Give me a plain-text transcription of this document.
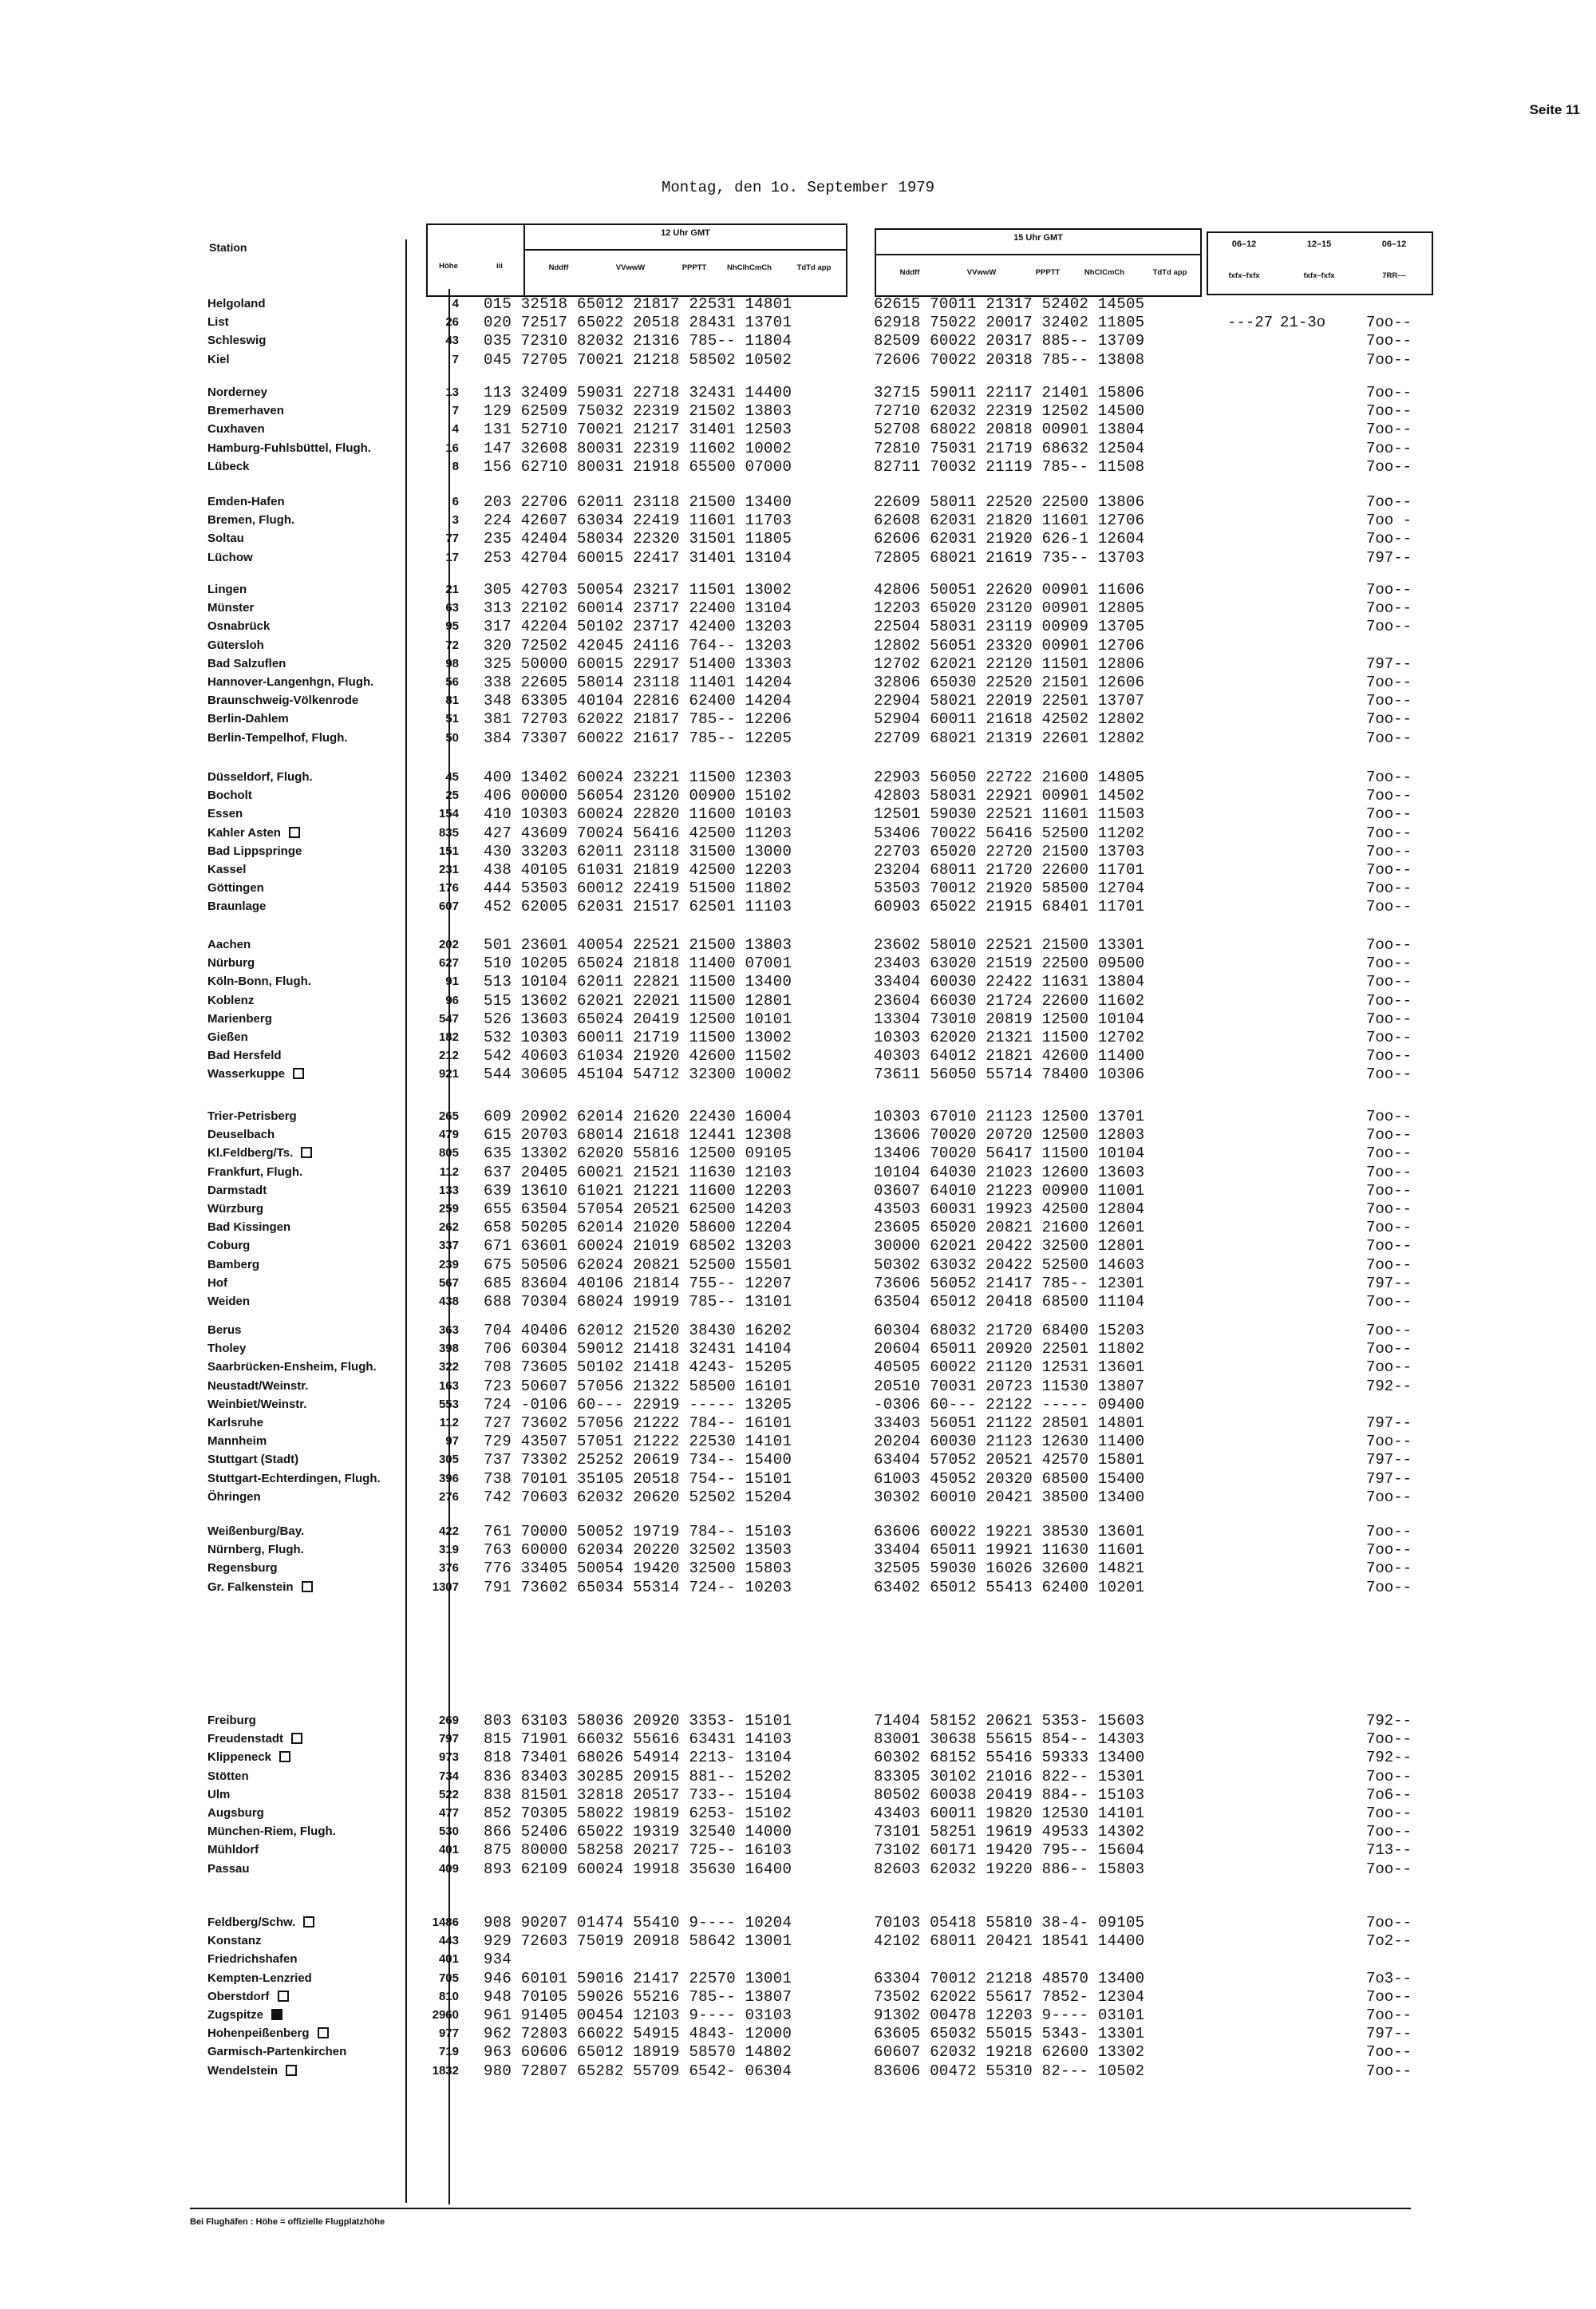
Seite 11
Montag, den 1o. September 1979
Station
Höhe	iii
12 Uhr GMT
Nddff	VVwwW	PPPTT	NhClhCmCh	TdTd app
15 Uhr GMT
Nddff	VVwwW	PPPTT	NhClCmCh	TdTd app
06–12	12–15	06–12
fxfx–fxfx	fxfx–fxfx	7RR––
Helgoland	4 015 32518 65012 21817 22531 14801	62615 70011 21317 52402 14505
List	26 020 72517 65022 20518 28431 13701	62918 75022 20017 32402 11805	---27 21-3o	7oo--
Schleswig	43 035 72310 82032 21316 785-- 11804	82509 60022 20317 885-- 13709	7oo--
Kiel	7 045 72705 70021 21218 58502 10502	72606 70022 20318 785-- 13808	7oo--
Norderney	13 113 32409 59031 22718 32431 14400	32715 59011 22117 21401 15806	7oo--
Bremerhaven	7 129 62509 75032 22319 21502 13803	72710 62032 22319 12502 14500	7oo--
Cuxhaven	4 131 52710 70021 21217 31401 12503	52708 68022 20818 00901 13804	7oo--
Hamburg-Fuhlsbüttel, Flugh.	16 147 32608 80031 22319 11602 10002	72810 75031 21719 68632 12504	7oo--
Lübeck	8 156 62710 80031 21918 65500 07000	82711 70032 21119 785-- 11508	7oo--
Emden-Hafen	6 203 22706 62011 23118 21500 13400	22609 58011 22520 22500 13806	7oo--
Bremen, Flugh.	3 224 42607 63034 22419 11601 11703	62608 62031 21820 11601 12706	7oo -
Soltau	77 235 42404 58034 22320 31501 11805	62606 62031 21920 626-1 12604	7oo--
Lüchow	17 253 42704 60015 22417 31401 13104	72805 68021 21619 735-- 13703	797--
Lingen	21 305 42703 50054 23217 11501 13002	42806 50051 22620 00901 11606	7oo--
Münster	63 313 22102 60014 23717 22400 13104	12203 65020 23120 00901 12805	7oo--
Osnabrück	95 317 42204 50102 23717 42400 13203	22504 58031 23119 00909 13705	7oo--
Gütersloh	72 320 72502 42045 24116 764-- 13203	12802 56051 23320 00901 12706
Bad Salzuflen	98 325 50000 60015 22917 51400 13303	12702 62021 22120 11501 12806	797--
Hannover-Langenhgn, Flugh.	56 338 22605 58014 23118 11401 14204	32806 65030 22520 21501 12606	7oo--
Braunschweig-Völkenrode	81 348 63305 40104 22816 62400 14204	22904 58021 22019 22501 13707	7oo--
Berlin-Dahlem	51 381 72703 62022 21817 785-- 12206	52904 60011 21618 42502 12802	7oo--
Berlin-Tempelhof, Flugh.	50 384 73307 60022 21617 785-- 12205	22709 68021 21319 22601 12802	7oo--
Düsseldorf, Flugh.	45 400 13402 60024 23221 11500 12303	22903 56050 22722 21600 14805	7oo--
Bocholt	25 406 00000 56054 23120 00900 15102	42803 58031 22921 00901 14502	7oo--
Essen	154 410 10303 60024 22820 11600 10103	12501 59030 22521 11601 11503	7oo--
Kahler Asten	835 427 43609 70024 56416 42500 11203	53406 70022 56416 52500 11202	7oo--
Bad Lippspringe	151 430 33203 62011 23118 31500 13000	22703 65020 22720 21500 13703	7oo--
Kassel	231 438 40105 61031 21819 42500 12203	23204 68011 21720 22600 11701	7oo--
Göttingen	176 444 53503 60012 22419 51500 11802	53503 70012 21920 58500 12704	7oo--
Braunlage	607 452 62005 62031 21517 62501 11103	60903 65022 21915 68401 11701	7oo--
Aachen	202 501 23601 40054 22521 21500 13803	23602 58010 22521 21500 13301	7oo--
Nürburg	627 510 10205 65024 21818 11400 07001	23403 63020 21519 22500 09500	7oo--
Köln-Bonn, Flugh.	91 513 10104 62011 22821 11500 13400	33404 60030 22422 11631 13804	7oo--
Koblenz	96 515 13602 62021 22021 11500 12801	23604 66030 21724 22600 11602	7oo--
Marienberg	547 526 13603 65024 20419 12500 10101	13304 73010 20819 12500 10104	7oo--
Gießen	182 532 10303 60011 21719 11500 13002	10303 62020 21321 11500 12702	7oo--
Bad Hersfeld	212 542 40603 61034 21920 42600 11502	40303 64012 21821 42600 11400	7oo--
Wasserkuppe	921 544 30605 45104 54712 32300 10002	73611 56050 55714 78400 10306	7oo--
Trier-Petrisberg	265 609 20902 62014 21620 22430 16004	10303 67010 21123 12500 13701	7oo--
Deuselbach	479 615 20703 68014 21618 12441 12308	13606 70020 20720 12500 12803	7oo--
Kl.Feldberg/Ts.	805 635 13302 62020 55816 12500 09105	13406 70020 56417 11500 10104	7oo--
Frankfurt, Flugh.	112 637 20405 60021 21521 11630 12103	10104 64030 21023 12600 13603	7oo--
Darmstadt	133 639 13610 61021 21221 11600 12203	03607 64010 21223 00900 11001	7oo--
Würzburg	259 655 63504 57054 20521 62500 14203	43503 60031 19923 42500 12804	7oo--
Bad Kissingen	262 658 50205 62014 21020 58600 12204	23605 65020 20821 21600 12601	7oo--
Coburg	337 671 63601 60024 21019 68502 13203	30000 62021 20422 32500 12801	7oo--
Bamberg	239 675 50506 62024 20821 52500 15501	50302 63032 20422 52500 14603	7oo--
Hof	567 685 83604 40106 21814 755-- 12207	73606 56052 21417 785-- 12301	797--
Weiden	438 688 70304 68024 19919 785-- 13101	63504 65012 20418 68500 11104	7oo--
Berus	363 704 40406 62012 21520 38430 16202	60304 68032 21720 68400 15203	7oo--
Tholey	398 706 60304 59012 21418 32431 14104	20604 65011 20920 22501 11802	7oo--
Saarbrücken-Ensheim, Flugh.	322 708 73605 50102 21418 4243- 15205	40505 60022 21120 12531 13601	7oo--
Neustadt/Weinstr.	163 723 50607 57056 21322 58500 16101	20510 70031 20723 11530 13807	792--
Weinbiet/Weinstr.	553 724 -0106 60--- 22919 ----- 13205	-0306 60--- 22122 ----- 09400
Karlsruhe	112 727 73602 57056 21222 784-- 16101	33403 56051 21122 28501 14801	797--
Mannheim	97 729 43507 57051 21222 22530 14101	20204 60030 21123 12630 11400	7oo--
Stuttgart (Stadt)	305 737 73302 25252 20619 734-- 15400	63404 57052 20521 42570 15801	797--
Stuttgart-Echterdingen, Flugh.	396 738 70101 35105 20518 754-- 15101	61003 45052 20320 68500 15400	797--
Öhringen	276 742 70603 62032 20620 52502 15204	30302 60010 20421 38500 13400	7oo--
Weißenburg/Bay.	422 761 70000 50052 19719 784-- 15103	63606 60022 19221 38530 13601	7oo--
Nürnberg, Flugh.	319 763 60000 62034 20220 32502 13503	33404 65011 19921 11630 11601	7oo--
Regensburg	376 776 33405 50054 19420 32500 15803	32505 59030 16026 32600 14821	7oo--
Gr. Falkenstein	1307 791 73602 65034 55314 724-- 10203	63402 65012 55413 62400 10201	7oo--
Freiburg	269 803 63103 58036 20920 3353- 15101	71404 58152 20621 5353- 15603	792--
Freudenstadt	797 815 71901 66032 55616 63431 14103	83001 30638 55615 854-- 14303	7oo--
Klippeneck	973 818 73401 68026 54914 2213- 13104	60302 68152 55416 59333 13400	792--
Stötten	734 836 83403 30285 20915 881-- 15202	83305 30102 21016 822-- 15301	7oo--
Ulm	522 838 81501 32818 20517 733-- 15104	80502 60038 20419 884-- 15103	7o6--
Augsburg	477 852 70305 58022 19819 6253- 15102	43403 60011 19820 12530 14101	7oo--
München-Riem, Flugh.	530 866 52406 65022 19319 32540 14000	73101 58251 19619 49533 14302	7oo--
Mühldorf	401 875 80000 58258 20217 725-- 16103	73102 60171 19420 795-- 15604	713--
Passau	409 893 62109 60024 19918 35630 16400	82603 62032 19220 886-- 15803	7oo--
Feldberg/Schw.	1486 908 90207 01474 55410 9---- 10204	70103 05418 55810 38-4- 09105	7oo--
Konstanz	443 929 72603 75019 20918 58642 13001	42102 68011 20421 18541 14400	7o2--
Friedrichshafen	401 934
Kempten-Lenzried	705 946 60101 59016 21417 22570 13001	63304 70012 21218 48570 13400	7o3--
Oberstdorf	810 948 70105 59026 55216 785-- 13807	73502 62022 55617 7852- 12304	7oo--
Zugspitze	2960 961 91405 00454 12103 9---- 03103	91302 00478 12203 9---- 03101	7oo--
Hohenpeißenberg	977 962 72803 66022 54915 4843- 12000	63605 65032 55015 5343- 13301	797--
Garmisch-Partenkirchen	719 963 60606 65012 18919 58570 14802	60607 62032 19218 62600 13302	7oo--
Wendelstein	1832 980 72807 65282 55709 6542- 06304	83606 00472 55310 82--- 10502	7oo--
Bei Flughäfen : Höhe = offizielle Flugplatzhöhe
